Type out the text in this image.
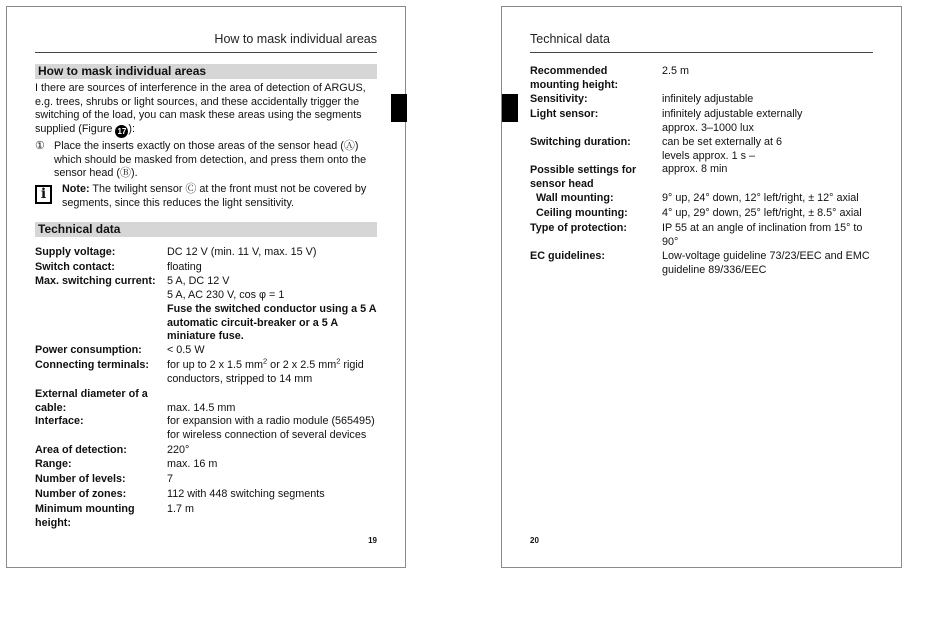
How to mask individual areas
How to mask individual areas
I there are sources of interference in the area of detection of ARGUS, e.g. trees, shrubs or light sources, and these accidentally trigger the switching of the load, you can mask these areas using the segments supplied (Figure 17 ):
① Place the inserts exactly on those areas of the sensor head (Ⓐ) which should be masked from detection, and press them onto the sensor head (Ⓑ).
i	Note: The twilight sensor Ⓒ at the front must not be covered by segments, since this reduces the light sensitivity.
Technical data
Supply voltage:	DC 12 V (min. 11 V, max. 15 V)
Switch contact:	floating
Max. switching current:	5 A, DC 12 V
5 A, AC 230 V, cos φ = 1
Fuse the switched conductor using a 5 A automatic circuit-breaker or a 5 A miniature fuse.
Power consumption:	< 0.5 W
Connecting terminals:	for up to 2 x 1.5 $mm^2$ or 2 x 2.5 $mm^2$ rigid conductors, stripped to 14 mm
External diameter of a cable:	max. 14.5 mm
Interface:	for expansion with a radio module (565495) for wireless connection of several devices
Area of detection:	220°
Range:	max. 16 m
Number of levels:	7
Number of zones:	112 with 448 switching segments
Minimum mounting height:
1.7 m
19
Technical data
Recommended mounting height:
2.5 m
Sensitivity:	infinitely adjustable
Light sensor:	infinitely adjustable externally approx. 3–1000 lux
Switching duration:	can be set externally at 6 levels approx. 1 s – approx. 8 min
Possible settings for sensor head
Wall mounting:	9° up, 24° down, 12° left/right, ± 12° axial
Ceiling mounting:	4° up, 29° down, 25° left/right, ± 8.5° axial
Type of protection:	IP 55 at an angle of inclination from 15° to 90°
EC guidelines:	Low-voltage guideline 73/23/EEC and EMC guideline 89/336/EEC
20
